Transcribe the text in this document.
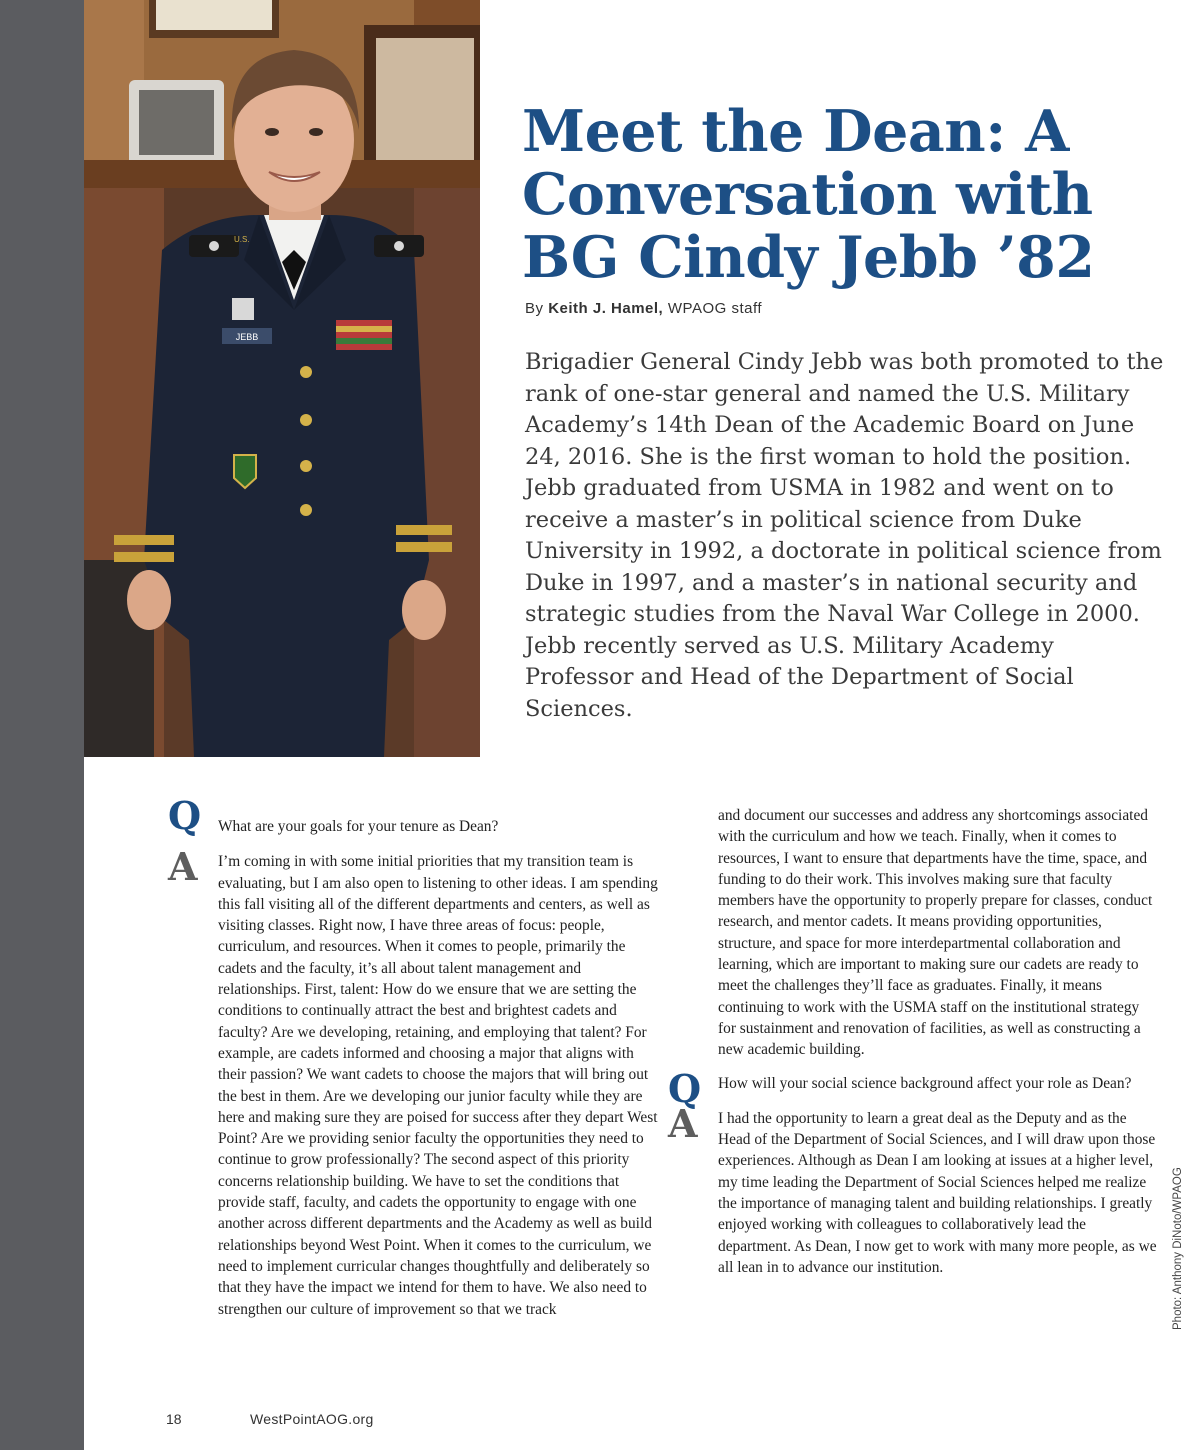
JEBB
U.S.
Meet the Dean: A
Conversation with
BG Cindy Jebb ’82
By Keith J. Hamel, WPAOG staff

Brigadier General Cindy Jebb was both promoted to the rank of one-star general and named the U.S. Military Academy’s 14th Dean of the Academic Board on June 24, 2016. She is the first woman to hold the position. Jebb graduated from USMA in 1982 and went on to receive a master’s in political science from Duke University in 1992, a doctorate in political science from Duke in 1997, and a master’s in national security and strategic studies from the Naval War College in 2000. Jebb recently served as U.S. Military Academy Professor and Head of the Department of Social Sciences.

Q What are your goals for your tenure as Dean?

A I’m coming in with some initial priorities that my transition team is evaluating, but I am also open to listening to other ideas. I am spending this fall visiting all of the different departments and centers, as well as visiting classes. Right now, I have three areas of focus: people, curriculum, and resources. When it comes to people, primarily the cadets and the faculty, it’s all about talent management and relationships. First, talent: How do we ensure that we are setting the conditions to continually attract the best and brightest cadets and faculty? Are we developing, retaining, and employing that talent? For example, are cadets informed and choosing a major that aligns with their passion? We want cadets to choose the majors that will bring out the best in them. Are we developing our junior faculty while they are here and making sure they are poised for success after they depart West Point? Are we providing senior faculty the opportunities they need to continue to grow professionally? The second aspect of this priority concerns relationship building. We have to set the conditions that provide staff, faculty, and cadets the opportunity to engage with one another across different departments and the Academy as well as build relationships beyond West Point. When it comes to the curriculum, we need to implement curricular changes thoughtfully and deliberately so that they have the impact we intend for them to have. We also need to strengthen our culture of improvement so that we track

and document our successes and address any shortcomings associated with the curriculum and how we teach. Finally, when it comes to resources, I want to ensure that departments have the time, space, and funding to do their work. This involves making sure that faculty members have the opportunity to properly prepare for classes, conduct research, and mentor cadets. It means providing opportunities, structure, and space for more interdepartmental collaboration and learning, which are important to making sure our cadets are ready to meet the challenges they’ll face as graduates. Finally, it means continuing to work with the USMA staff on the institutional strategy for sustainment and renovation of facilities, as well as constructing a new academic building.

Q How will your social science background affect your role as Dean?

A I had the opportunity to learn a great deal as the Deputy and as the Head of the Department of Social Sciences, and I will draw upon those experiences. Although as Dean I am looking at issues at a higher level, my time leading the Department of Social Sciences helped me realize the importance of managing talent and building relationships. I greatly enjoyed working with colleagues to collaboratively lead the department. As Dean, I now get to work with many more people, as we all lean in to advance our institution.

18	WestPointAOG.org
Photo: Anthony DiNoto/WPAOG
